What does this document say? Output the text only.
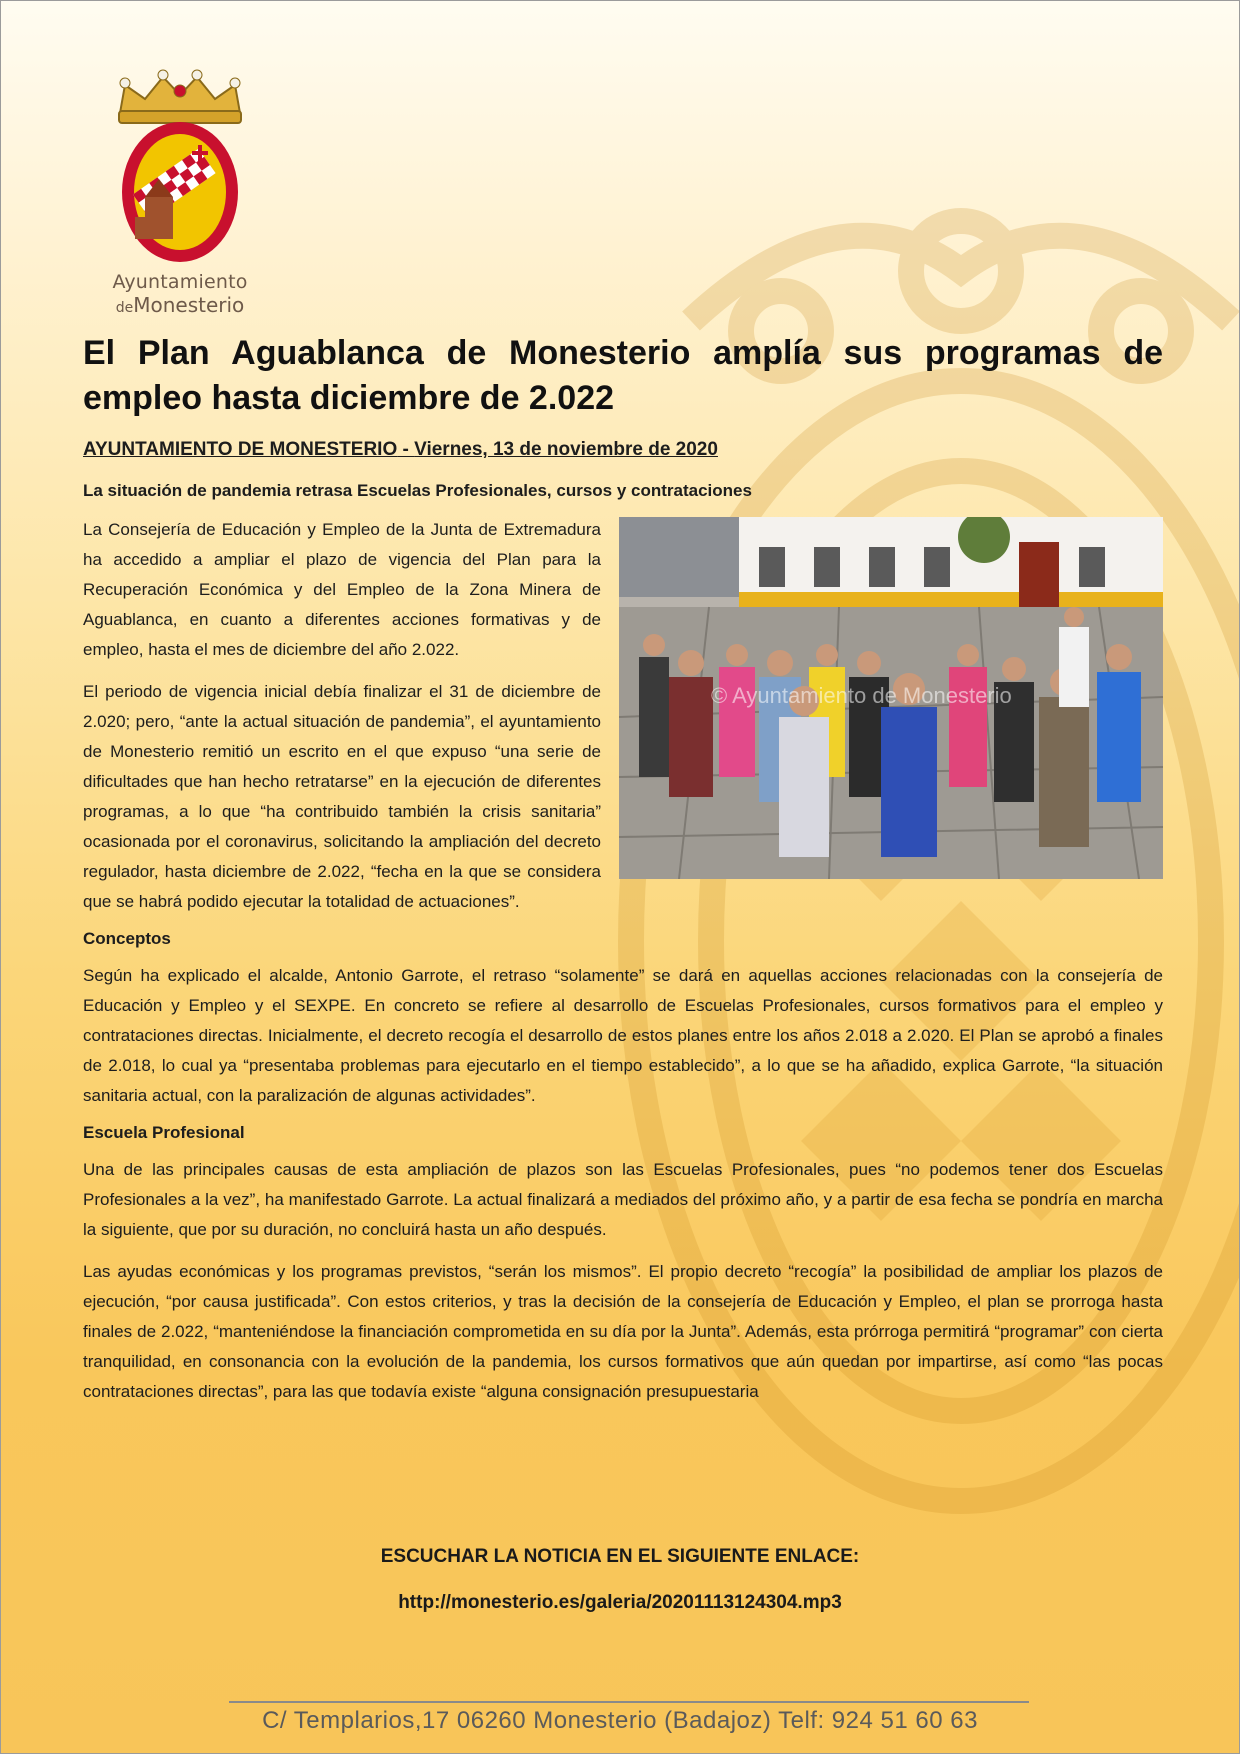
Ayuntamiento
deMonesterio
El Plan Aguablanca de Monesterio amplía sus programas de empleo hasta diciembre de 2.022
AYUNTAMIENTO DE MONESTERIO - Viernes, 13 de noviembre de 2020
La situación de pandemia retrasa Escuelas Profesionales, cursos y contrataciones
© Ayuntamiento de Monesterio

La Consejería de Educación y Empleo de la Junta de Extremadura ha accedido a ampliar el plazo de vigencia del Plan para la Recuperación Económica y del Empleo de la Zona Minera de Aguablanca, en cuanto a diferentes acciones formativas y de empleo, hasta el mes de diciembre del año 2.022.

El periodo de vigencia inicial debía finalizar el 31 de diciembre de 2.020; pero, “ante la actual situación de pandemia”, el ayuntamiento de Monesterio remitió un escrito en el que expuso “una serie de dificultades que han hecho retratarse” en la ejecución de diferentes programas, a lo que “ha contribuido también la crisis sanitaria” ocasionada por el coronavirus, solicitando la ampliación del decreto regulador, hasta diciembre de 2.022, “fecha en la que se considera que se habrá podido ejecutar la totalidad de actuaciones”.

Conceptos

Según ha explicado el alcalde, Antonio Garrote, el retraso “solamente” se dará en aquellas acciones relacionadas con la consejería de Educación y Empleo y el SEXPE. En concreto se refiere al desarrollo de Escuelas Profesionales, cursos formativos para el empleo y contrataciones directas. Inicialmente, el decreto recogía el desarrollo de estos planes entre los años 2.018 a 2.020. El Plan se aprobó a finales de 2.018, lo cual ya “presentaba problemas para ejecutarlo en el tiempo establecido”, a lo que se ha añadido, explica Garrote, “la situación sanitaria actual, con la paralización de algunas actividades”.

Escuela Profesional

Una de las principales causas de esta ampliación de plazos son las Escuelas Profesionales, pues “no podemos tener dos Escuelas Profesionales a la vez”, ha manifestado Garrote. La actual finalizará a mediados del próximo año, y a partir de esa fecha se pondría en marcha la siguiente, que por su duración, no concluirá hasta un año después.

Las ayudas económicas y los programas previstos, “serán los mismos”. El propio decreto “recogía” la posibilidad de ampliar los plazos de ejecución, “por causa justificada”. Con estos criterios, y tras la decisión de la consejería de Educación y Empleo, el plan se prorroga hasta finales de 2.022, “manteniéndose la financiación comprometida en su día por la Junta”. Además, esta prórroga permitirá “programar” con cierta tranquilidad, en consonancia con la evolución de la pandemia, los cursos formativos que aún quedan por impartirse, así como “las pocas contrataciones directas”, para las que todavía existe “alguna consignación presupuestaria

ESCUCHAR LA NOTICIA EN EL SIGUIENTE ENLACE:
http://monesterio.es/galeria/20201113124304.mp3
C/ Templarios,17 06260 Monesterio (Badajoz) Telf: 924 51 60 63
